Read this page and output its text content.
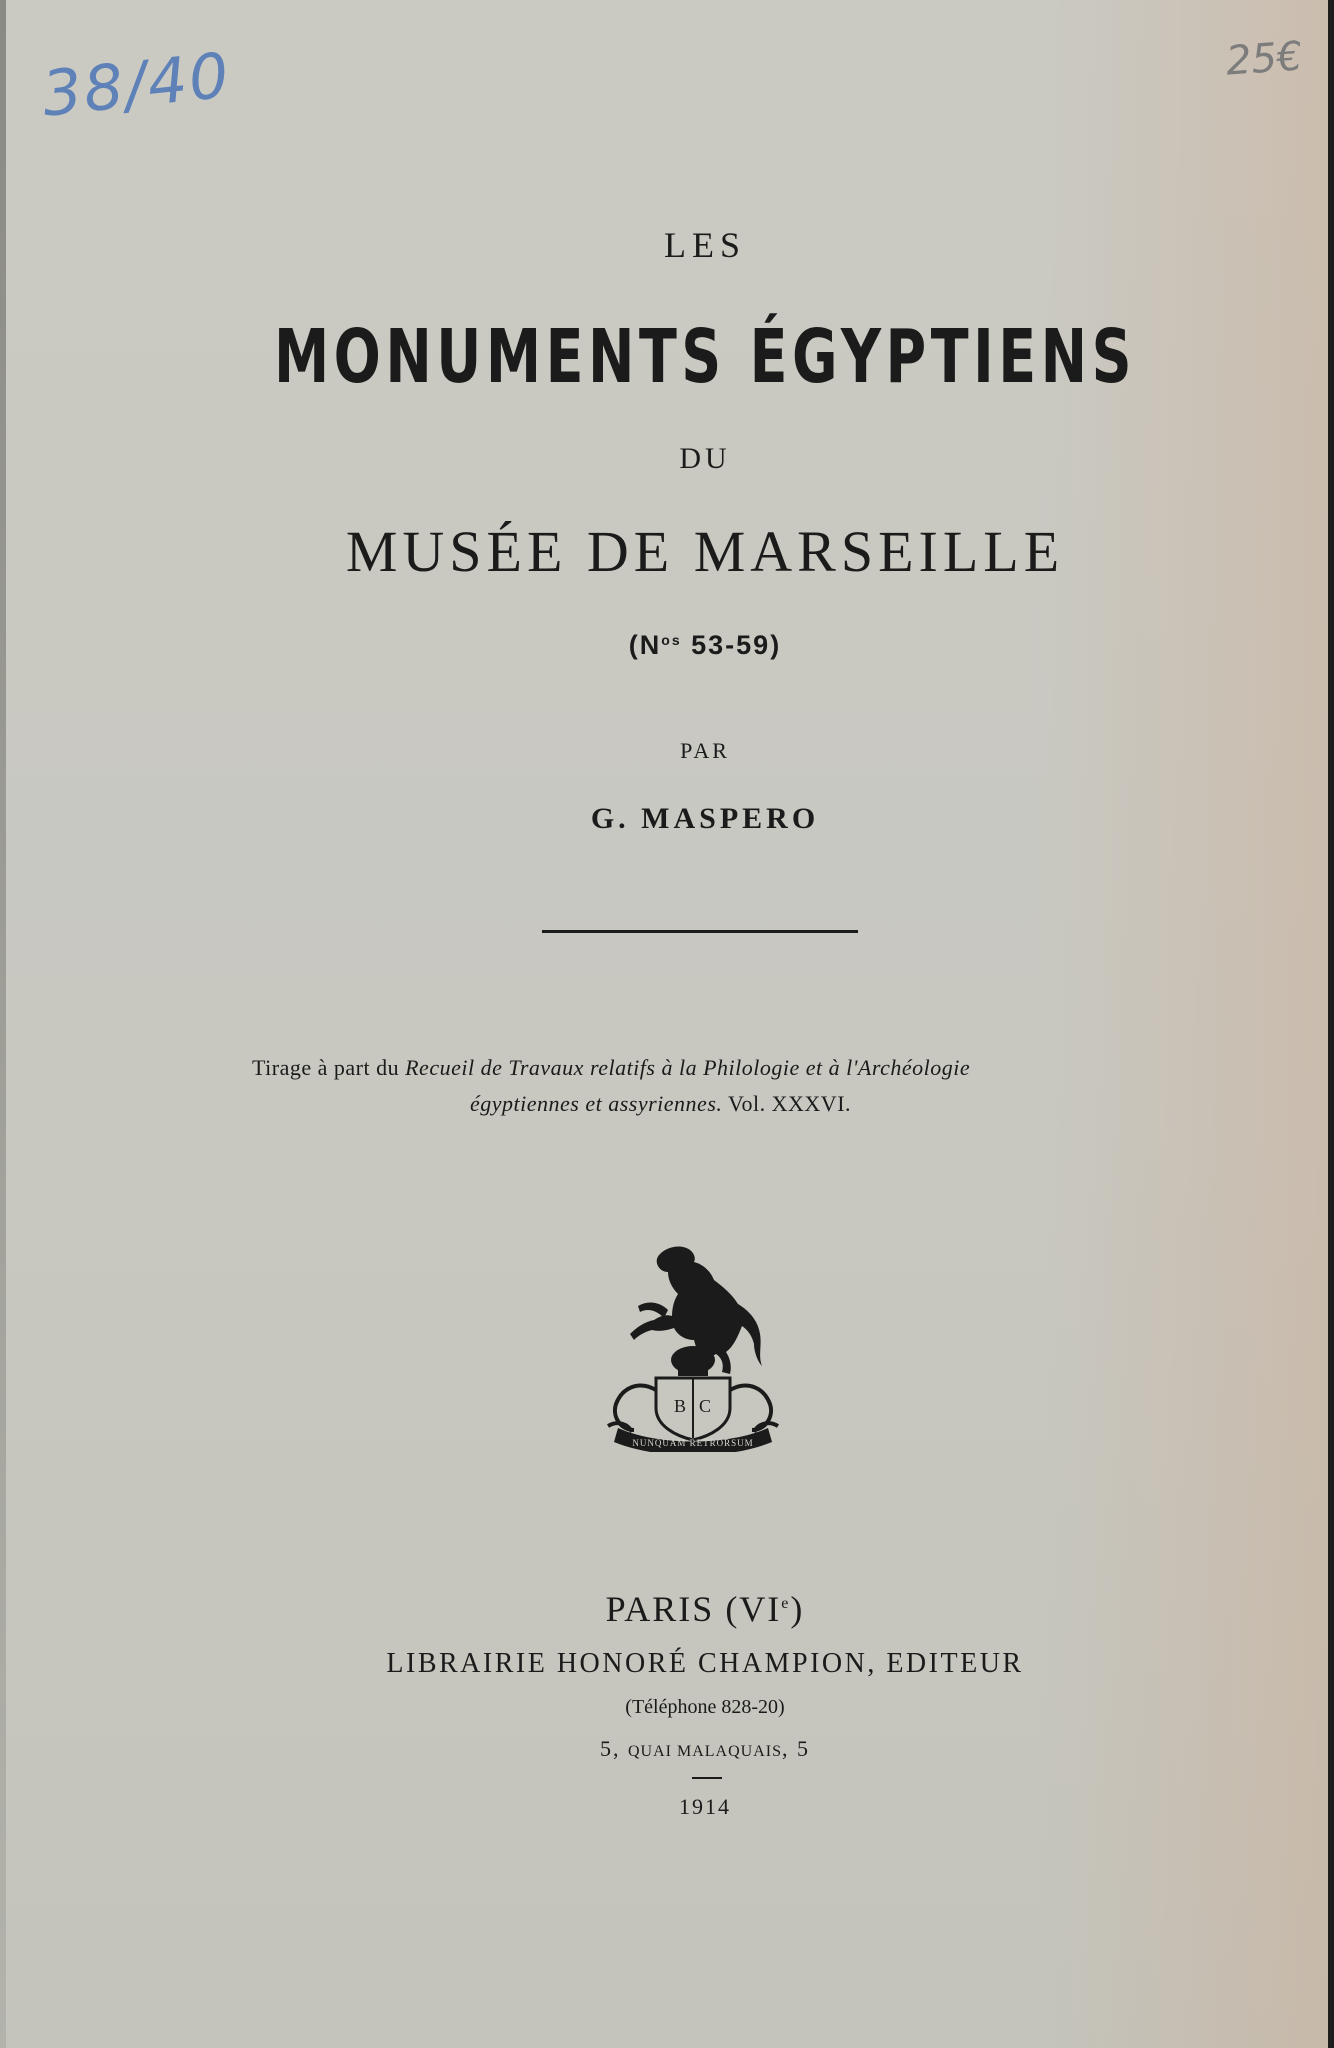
38/40	25€
LES
MONUMENTS ÉGYPTIENS
DU
MUSÉE DE MARSEILLE
($N^{os}$ 53-59)
PAR
G. MASPERO
Tirage à part du Recueil de Travaux relatifs à la Philologie et à l'Archéologie
égyptiennes et assyriennes. Vol. XXXVI.
B C
NUNQUAM RETRORSUM
PARIS (VIe)
LIBRAIRIE HONORÉ CHAMPION, EDITEUR
(Téléphone 828-20)
5, QUAI MALAQUAIS, 5
1914
